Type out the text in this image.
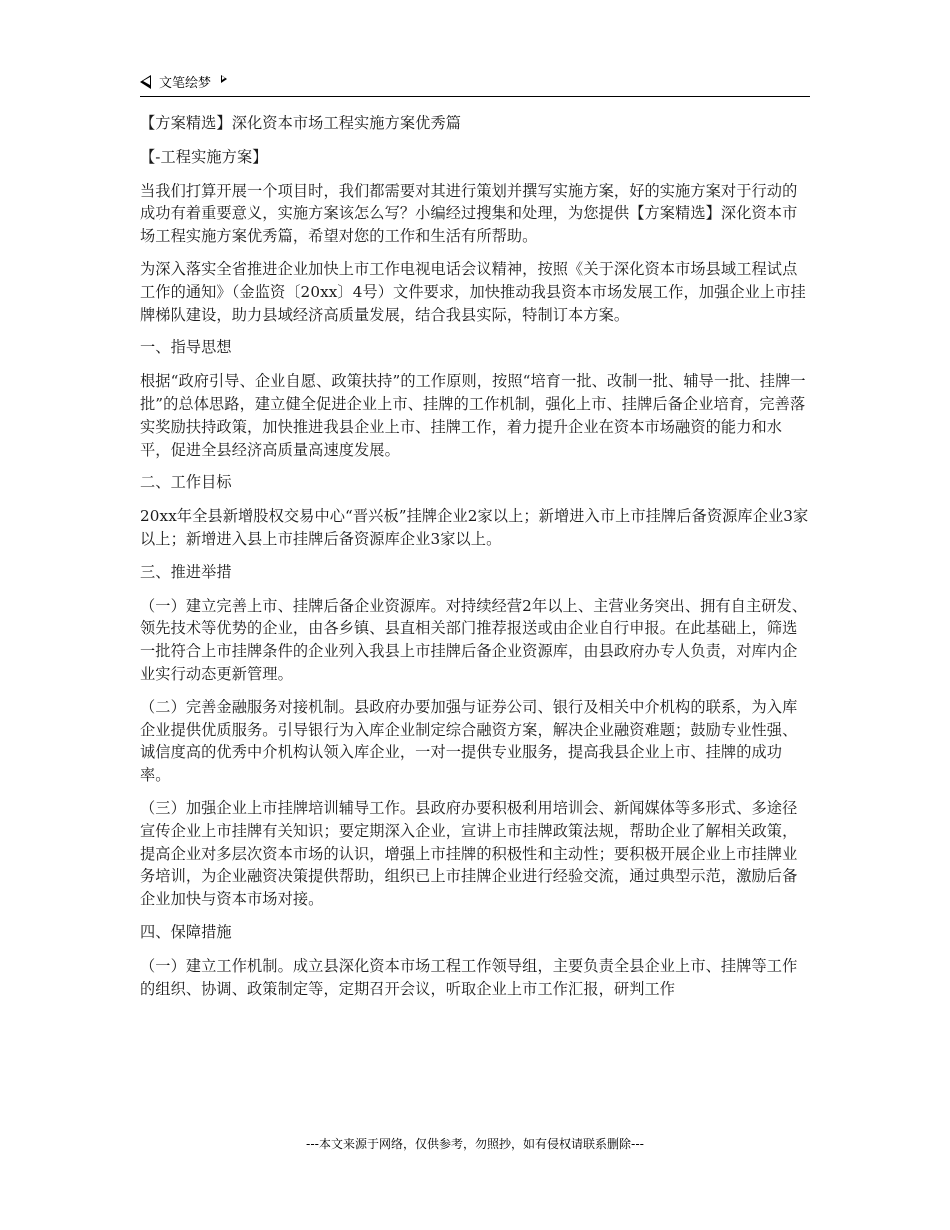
文笔绘梦

【方案精选】深化资本市场工程实施方案优秀篇

【-工程实施方案】

当我们打算开展一个项目时，我们都需要对其进行策划并撰写实施方案，好的实施方案对于行动的成功有着重要意义，实施方案该怎么写？小编经过搜集和处理，为您提供【方案精选】深化资本市场工程实施方案优秀篇，希望对您的工作和生活有所帮助。

为深入落实全省推进企业加快上市工作电视电话会议精神，按照《关于深化资本市场县域工程试点工作的通知》（金监资〔20xx〕4号）文件要求，加快推动我县资本市场发展工作，加强企业上市挂牌梯队建设，助力县域经济高质量发展，结合我县实际，特制订本方案。

一、指导思想

根据“政府引导、企业自愿、政策扶持”的工作原则，按照“培育一批、改制一批、辅导一批、挂牌一批”的总体思路，建立健全促进企业上市、挂牌的工作机制，强化上市、挂牌后备企业培育，完善落实奖励扶持政策，加快推进我县企业上市、挂牌工作，着力提升企业在资本市场融资的能力和水平，促进全县经济高质量高速度发展。

二、工作目标

20xx年全县新增股权交易中心“晋兴板”挂牌企业2家以上；新增进入市上市挂牌后备资源库企业3家以上；新增进入县上市挂牌后备资源库企业3家以上。

三、推进举措

（一）建立完善上市、挂牌后备企业资源库。对持续经营2年以上、主营业务突出、拥有自主研发、领先技术等优势的企业，由各乡镇、县直相关部门推荐报送或由企业自行申报。在此基础上，筛选一批符合上市挂牌条件的企业列入我县上市挂牌后备企业资源库，由县政府办专人负责，对库内企业实行动态更新管理。

（二）完善金融服务对接机制。县政府办要加强与证券公司、银行及相关中介机构的联系，为入库企业提供优质服务。引导银行为入库企业制定综合融资方案，解决企业融资难题；鼓励专业性强、诚信度高的优秀中介机构认领入库企业，一对一提供专业服务，提高我县企业上市、挂牌的成功率。

（三）加强企业上市挂牌培训辅导工作。县政府办要积极利用培训会、新闻媒体等多形式、多途径宣传企业上市挂牌有关知识；要定期深入企业，宣讲上市挂牌政策法规，帮助企业了解相关政策，提高企业对多层次资本市场的认识，增强上市挂牌的积极性和主动性；要积极开展企业上市挂牌业务培训，为企业融资决策提供帮助，组织已上市挂牌企业进行经验交流，通过典型示范，激励后备企业加快与资本市场对接。

四、保障措施

（一）建立工作机制。成立县深化资本市场工程工作领导组，主要负责全县企业上市、挂牌等工作的组织、协调、政策制定等，定期召开会议，听取企业上市工作汇报，研判工作

---本文来源于网络，仅供参考，勿照抄，如有侵权请联系删除---
